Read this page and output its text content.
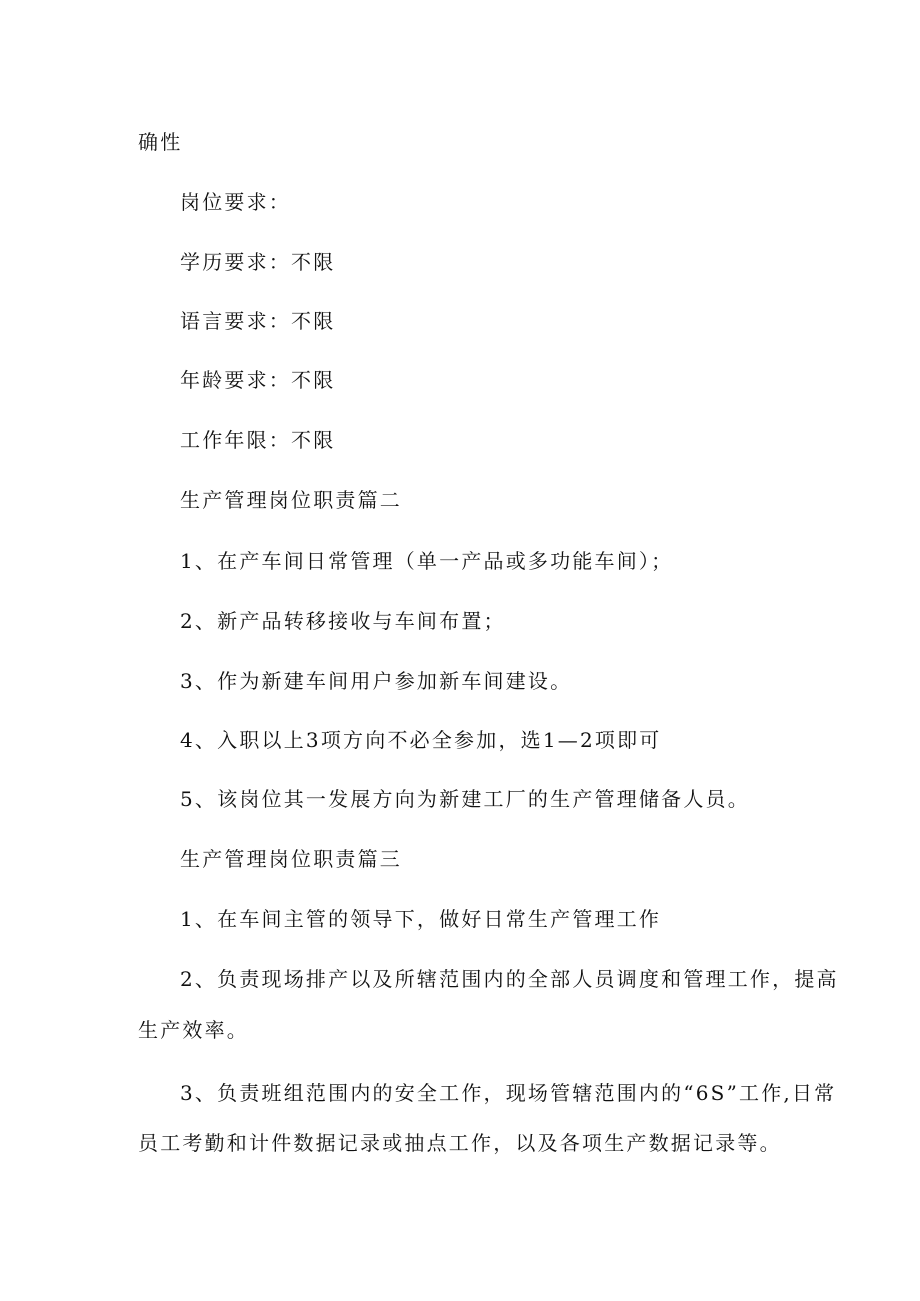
确性
岗位要求：
学历要求：不限
语言要求：不限
年龄要求：不限
工作年限：不限
生产管理岗位职责篇二
1、在产车间日常管理（单一产品或多功能车间）；
2、新产品转移接收与车间布置；
3、作为新建车间用户参加新车间建设。
4、入职以上3项方向不必全参加，选1—2项即可
5、该岗位其一发展方向为新建工厂的生产管理储备人员。
生产管理岗位职责篇三
1、在车间主管的领导下，做好日常生产管理工作
2、负责现场排产以及所辖范围内的全部人员调度和管理工作，提高
生产效率。
3、负责班组范围内的安全工作，现场管辖范围内的“6S”工作,日常
员工考勤和计件数据记录或抽点工作，以及各项生产数据记录等。
